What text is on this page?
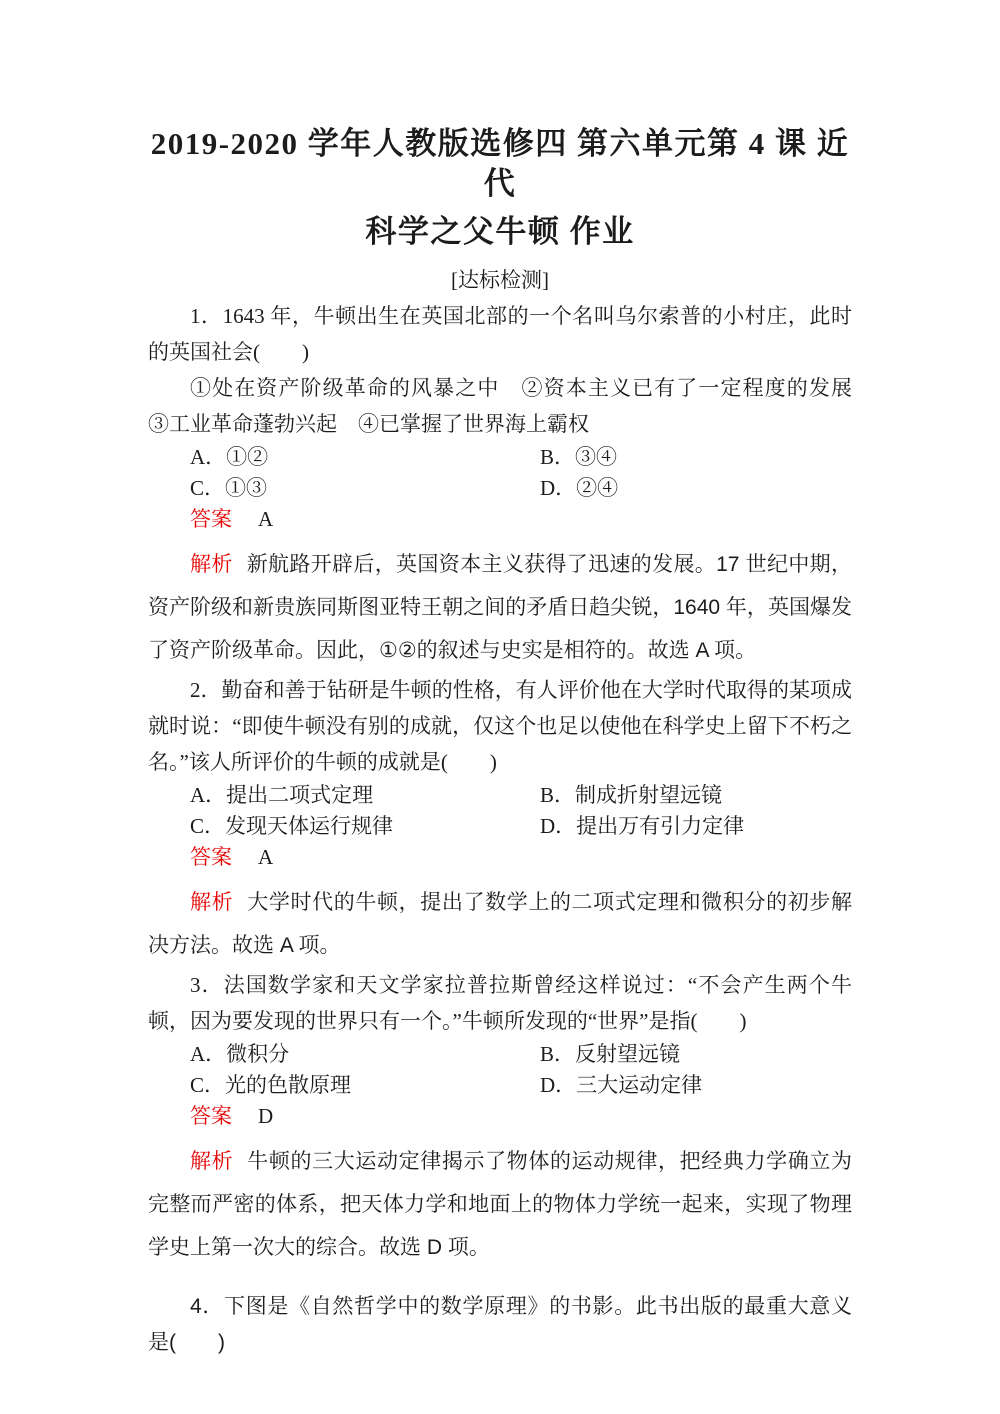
2019-2020 学年人教版选修四 第六单元第 4 课 近代
科学之父牛顿 作业
[达标检测]

1．1643 年，牛顿出生在英国北部的一个名叫乌尔索普的小村庄，此时的英国社会(　　)

①处在资产阶级革命的风暴之中　②资本主义已有了一定程度的发展　③工业革命蓬勃兴起　④已掌握了世界海上霸权

A．①②	B．③④
C．①③	D．②④

答案 A

解析 新航路开辟后，英国资本主义获得了迅速的发展。17 世纪中期，资产阶级和新贵族同斯图亚特王朝之间的矛盾日趋尖锐，1640 年，英国爆发了资产阶级革命。因此，①②的叙述与史实是相符的。故选 A 项。

2．勤奋和善于钻研是牛顿的性格，有人评价他在大学时代取得的某项成就时说：“即使牛顿没有别的成就，仅这个也足以使他在科学史上留下不朽之名。”该人所评价的牛顿的成就是(　　)

A．提出二项式定理	B．制成折射望远镜
C．发现天体运行规律	D．提出万有引力定律

答案 A

解析 大学时代的牛顿，提出了数学上的二项式定理和微积分的初步解决方法。故选 A 项。

3．法国数学家和天文学家拉普拉斯曾经这样说过：“不会产生两个牛顿，因为要发现的世界只有一个。”牛顿所发现的“世界”是指(　　)

A．微积分	B．反射望远镜
C．光的色散原理	D．三大运动定律

答案 D

解析 牛顿的三大运动定律揭示了物体的运动规律，把经典力学确立为完整而严密的体系，把天体力学和地面上的物体力学统一起来，实现了物理学史上第一次大的综合。故选 D 项。

4．下图是《自然哲学中的数学原理》的书影。此书出版的最重大意义是(　　)
